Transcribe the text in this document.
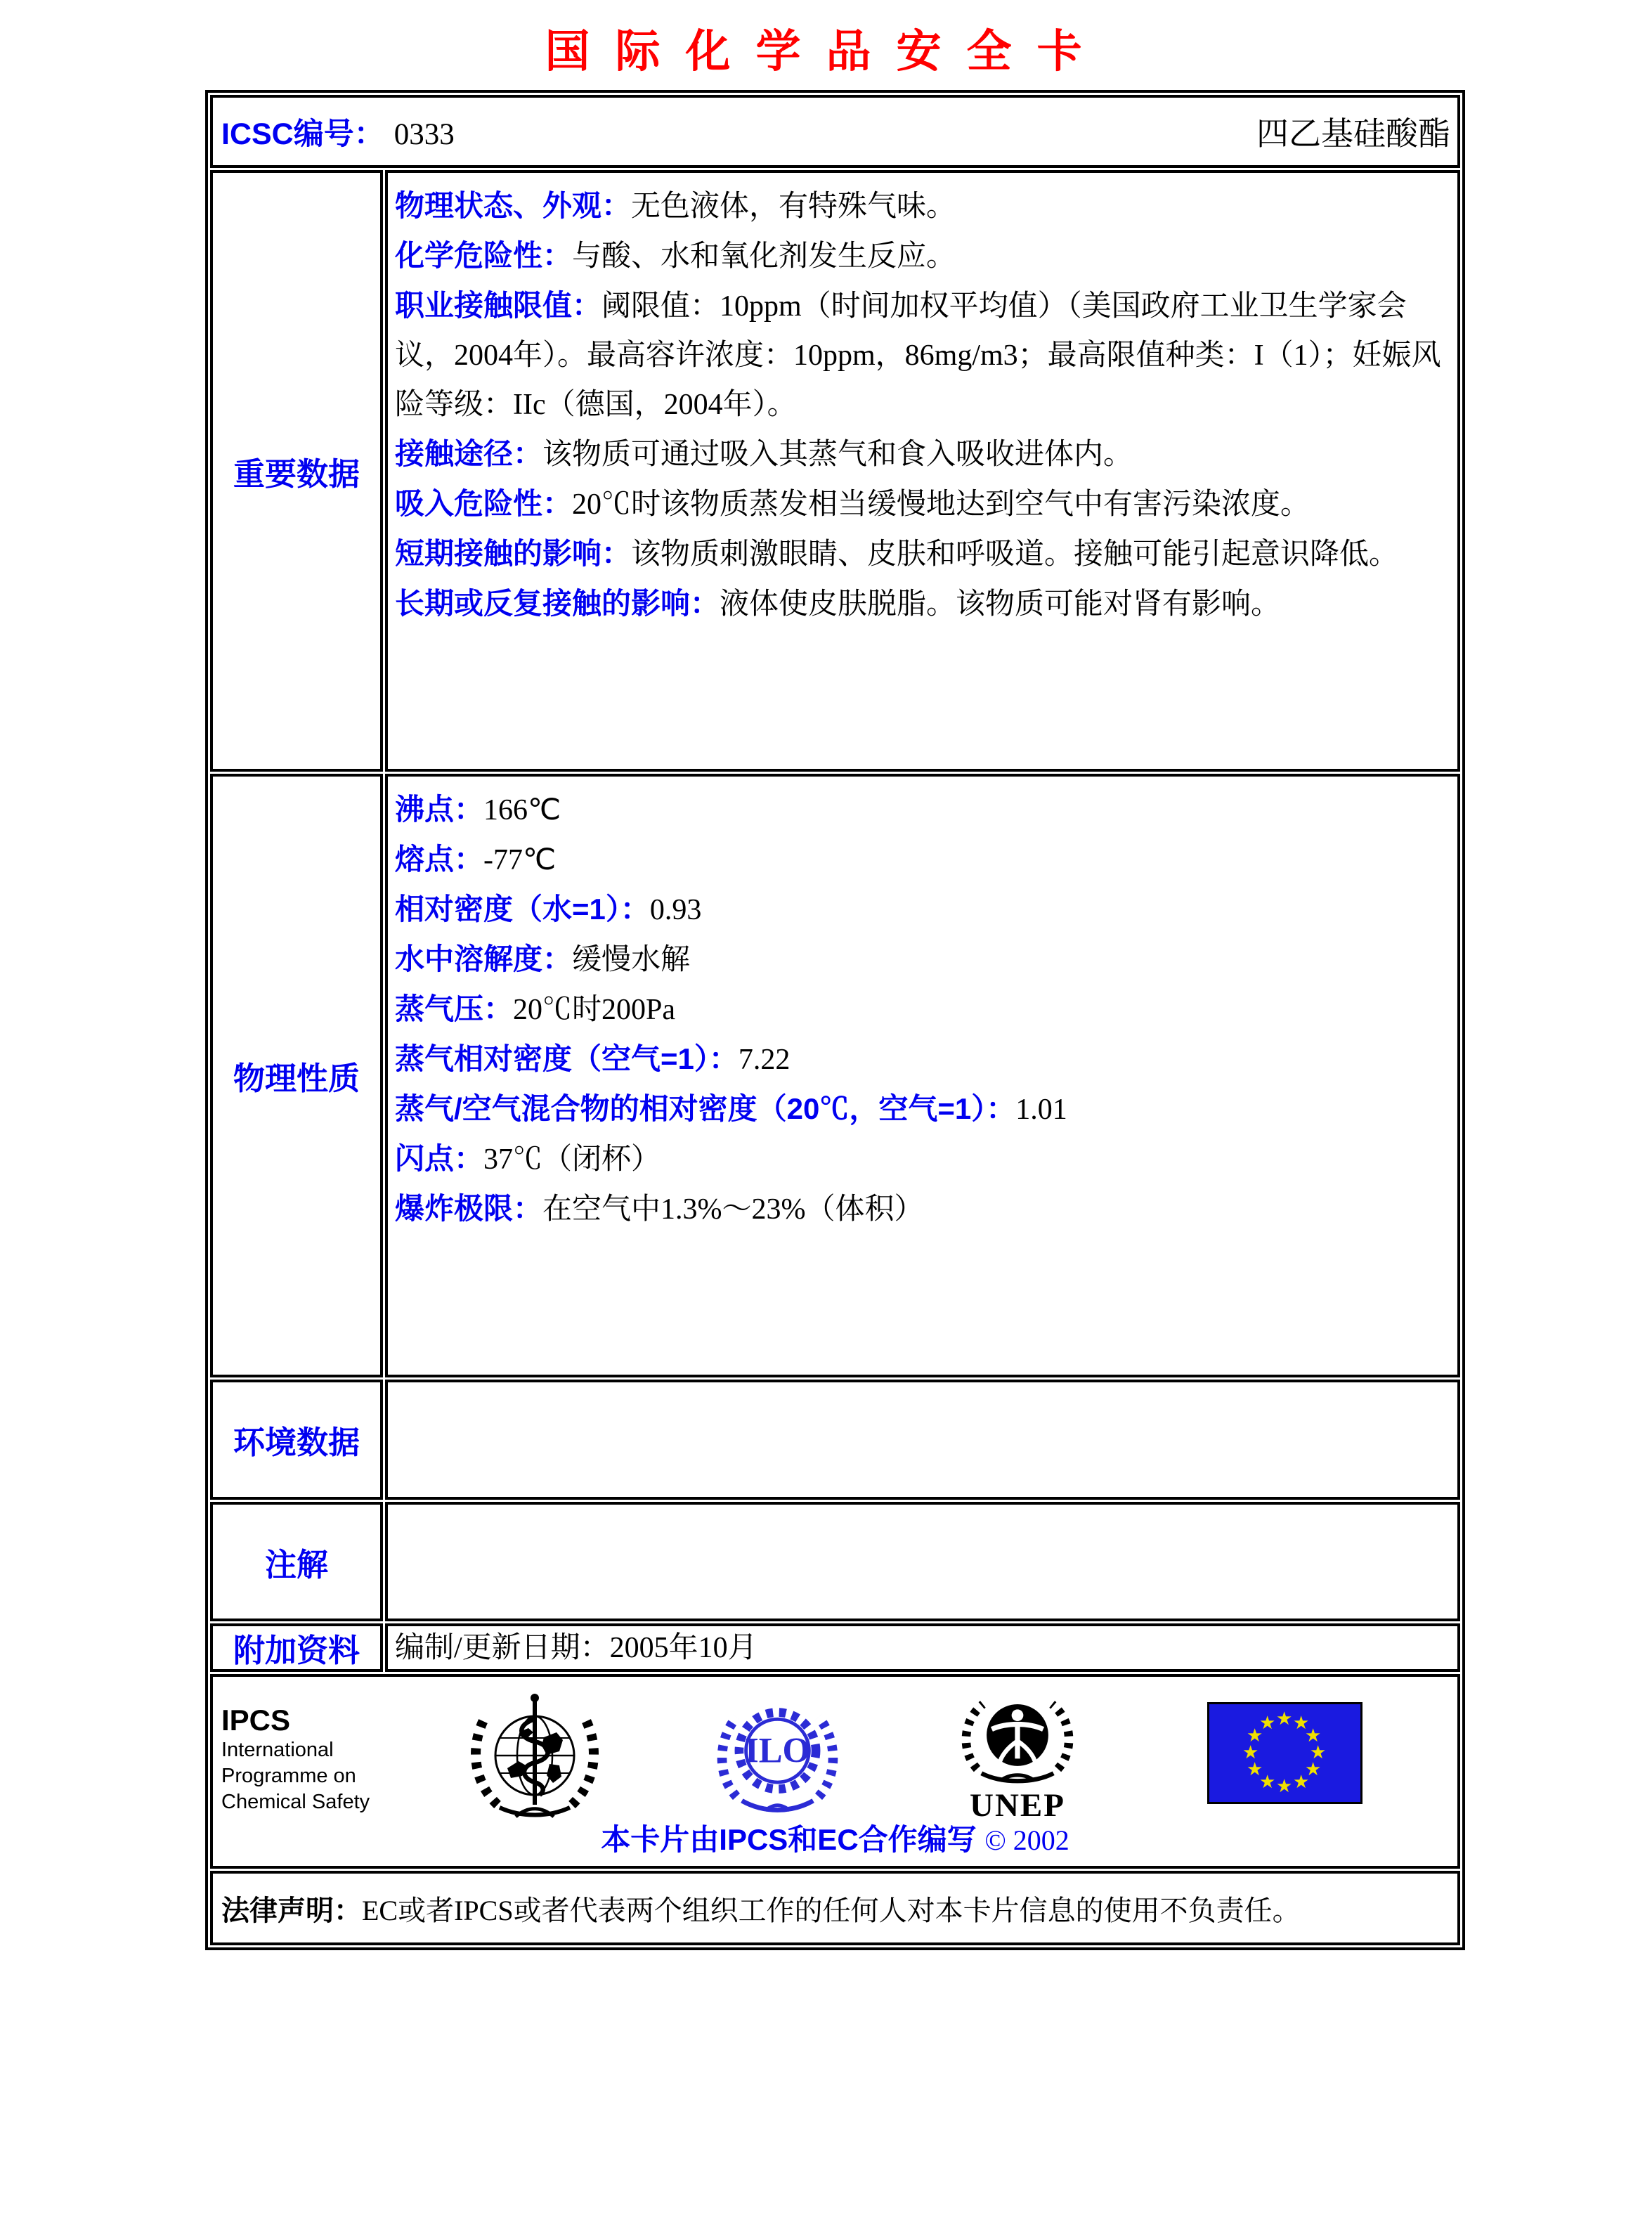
国际化学品安全卡
ICSC编号： 0333	四乙基硅酸酯
重要数据
物理状态、外观：无色液体，有特殊气味。
化学危险性：与酸、水和氧化剂发生反应。
职业接触限值：阈限值：10ppm（时间加权平均值）（美国政府工业卫生学家会议，2004年）。最高容许浓度：10ppm，86mg/m3；最高限值种类：I（1）；妊娠风险等级：IIc（德国，2004年）。
接触途径：该物质可通过吸入其蒸气和食入吸收进体内。
吸入危险性：20℃时该物质蒸发相当缓慢地达到空气中有害污染浓度。
短期接触的影响：该物质刺激眼睛、皮肤和呼吸道。接触可能引起意识降低。
长期或反复接触的影响：液体使皮肤脱脂。该物质可能对肾有影响。
物理性质
沸点：166℃
熔点：-77℃
相对密度（水=1）：0.93
水中溶解度：缓慢水解
蒸气压：20℃时200Pa
蒸气相对密度（空气=1）：7.22
蒸气/空气混合物的相对密度（20℃，空气=1）：1.01
闪点：37℃（闭杯）
爆炸极限：在空气中1.3%～23%（体积）
环境数据
注解
附加资料	编制/更新日期：2005年10月
IPCS
International
Programme on
Chemical Safety
ILO
UNEP
★ ★
★
★
★
★
★
★
★
★
★
★
本卡片由IPCS和EC合作编写 © 2002
法律声明： EC或者IPCS或者代表两个组织工作的任何人对本卡片信息的使用不负责任。
